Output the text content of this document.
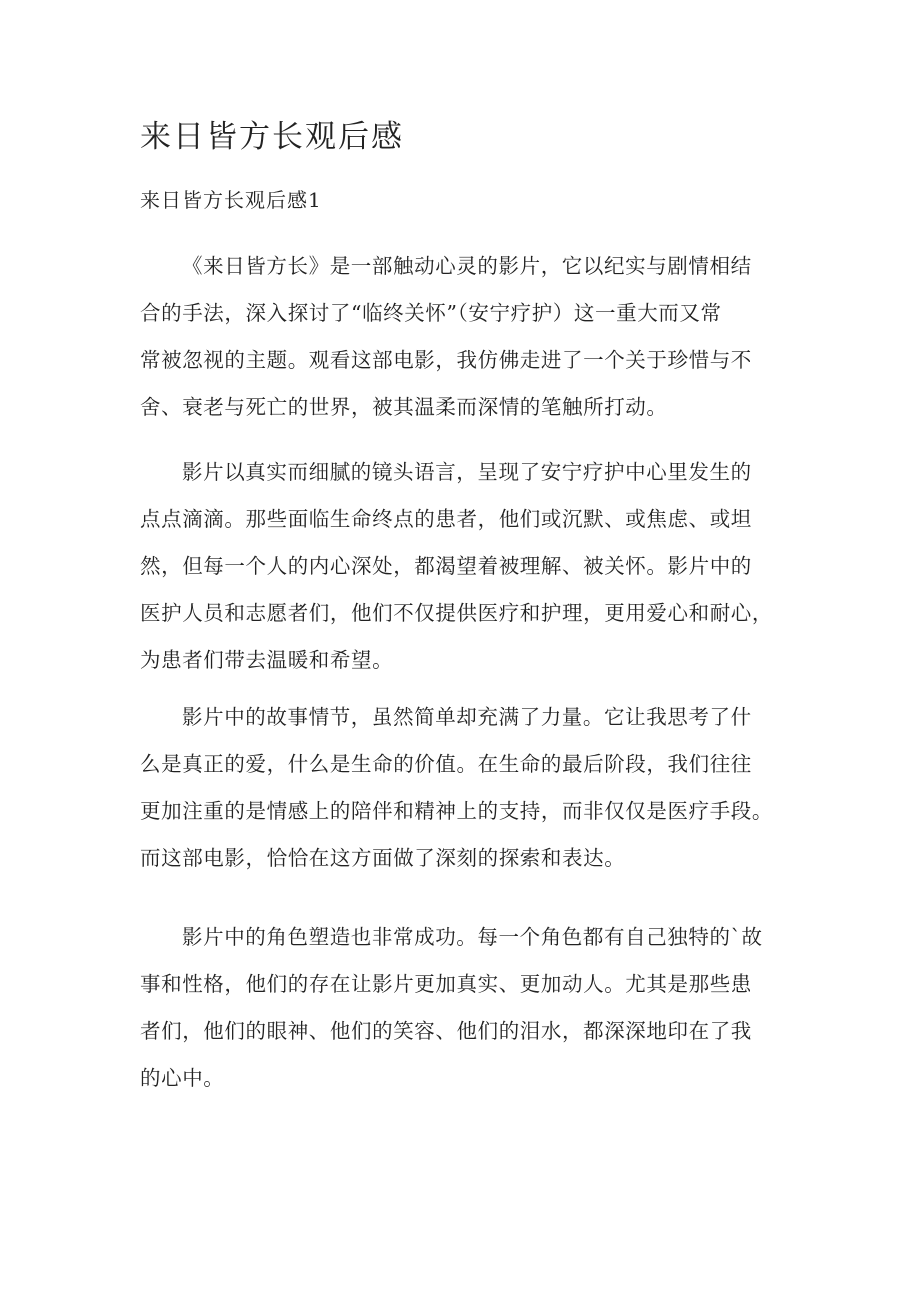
来日皆方长观后感
来日皆方长观后感1
《来日皆方长》是一部触动心灵的影片，它以纪实与剧情相结
合的手法，深入探讨了“临终关怀”（安宁疗护）这一重大而又常
常被忽视的主题。观看这部电影，我仿佛走进了一个关于珍惜与不
舍、衰老与死亡的世界，被其温柔而深情的笔触所打动。
影片以真实而细腻的镜头语言，呈现了安宁疗护中心里发生的
点点滴滴。那些面临生命终点的患者，他们或沉默、或焦虑、或坦
然，但每一个人的内心深处，都渴望着被理解、被关怀。影片中的
医护人员和志愿者们，他们不仅提供医疗和护理，更用爱心和耐心，
为患者们带去温暖和希望。
影片中的故事情节，虽然简单却充满了力量。它让我思考了什
么是真正的爱，什么是生命的价值。在生命的最后阶段，我们往往
更加注重的是情感上的陪伴和精神上的支持，而非仅仅是医疗手段。
而这部电影，恰恰在这方面做了深刻的探索和表达。
影片中的角色塑造也非常成功。每一个角色都有自己独特的`故
事和性格，他们的存在让影片更加真实、更加动人。尤其是那些患
者们，他们的眼神、他们的笑容、他们的泪水，都深深地印在了我
的心中。
